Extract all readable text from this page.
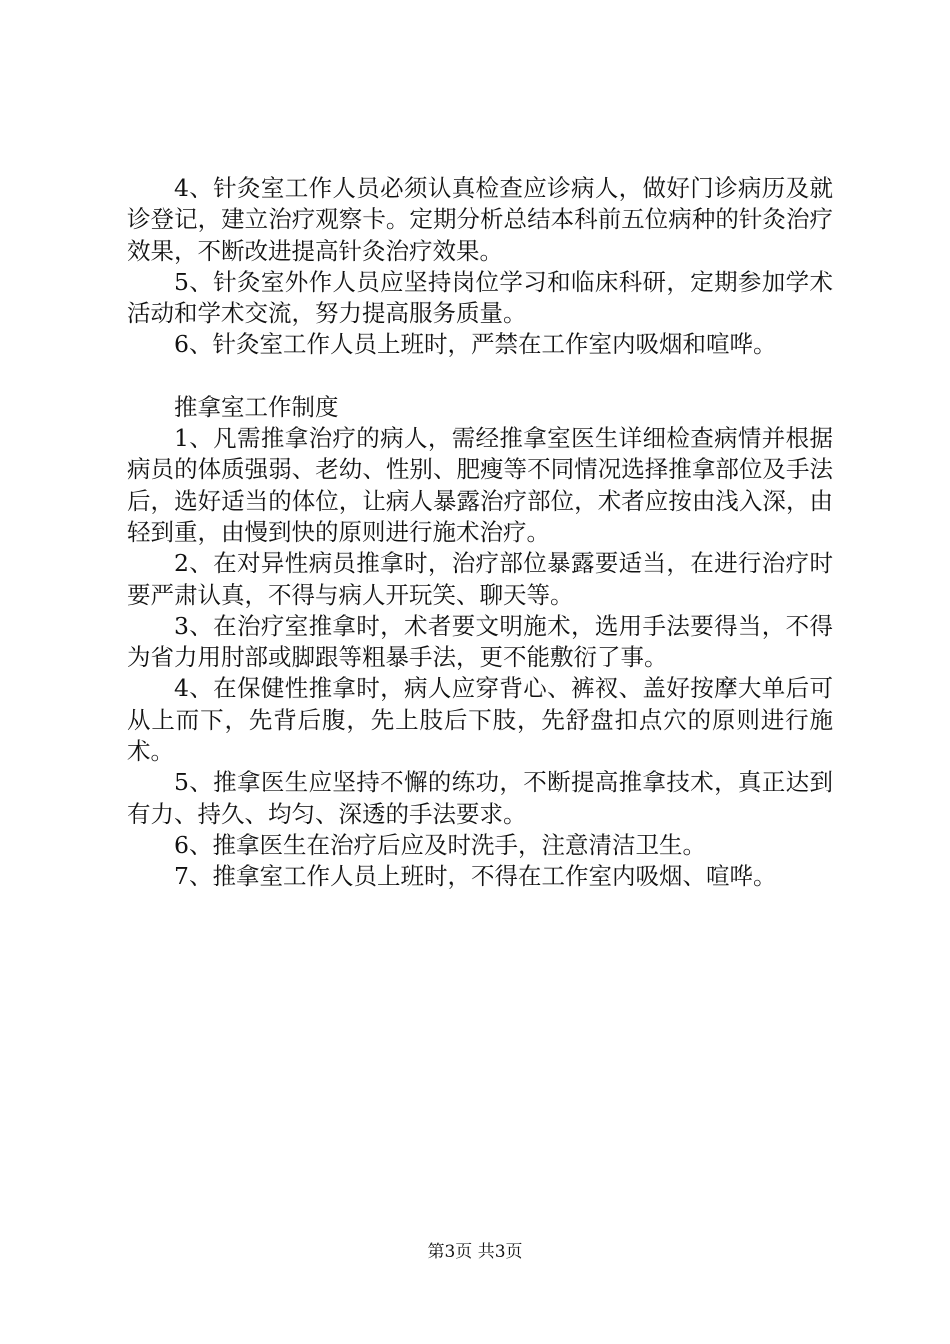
4、针灸室工作人员必须认真检查应诊病人，做好门诊病历及就诊登记，建立治疗观察卡。定期分析总结本科前五位病种的针灸治疗效果，不断改进提高针灸治疗效果。

5、针灸室外作人员应坚持岗位学习和临床科研，定期参加学术活动和学术交流，努力提高服务质量。

6、针灸室工作人员上班时，严禁在工作室内吸烟和喧哗。

推拿室工作制度

1、凡需推拿治疗的病人，需经推拿室医生详细检查病情并根据病员的体质强弱、老幼、性别、肥瘦等不同情况选择推拿部位及手法后，选好适当的体位，让病人暴露治疗部位，术者应按由浅入深，由轻到重，由慢到快的原则进行施术治疗。

2、在对异性病员推拿时，治疗部位暴露要适当，在进行治疗时要严肃认真，不得与病人开玩笑、聊天等。

3、在治疗室推拿时，术者要文明施术，选用手法要得当，不得为省力用肘部或脚跟等粗暴手法，更不能敷衍了事。

4、在保健性推拿时，病人应穿背心、裤衩、盖好按摩大单后可从上而下，先背后腹，先上肢后下肢，先舒盘扣点穴的原则进行施术。

5、推拿医生应坚持不懈的练功，不断提高推拿技术，真正达到有力、持久、均匀、深透的手法要求。

6、推拿医生在治疗后应及时洗手，注意清洁卫生。

7、推拿室工作人员上班时，不得在工作室内吸烟、喧哗。

第3页 共3页
